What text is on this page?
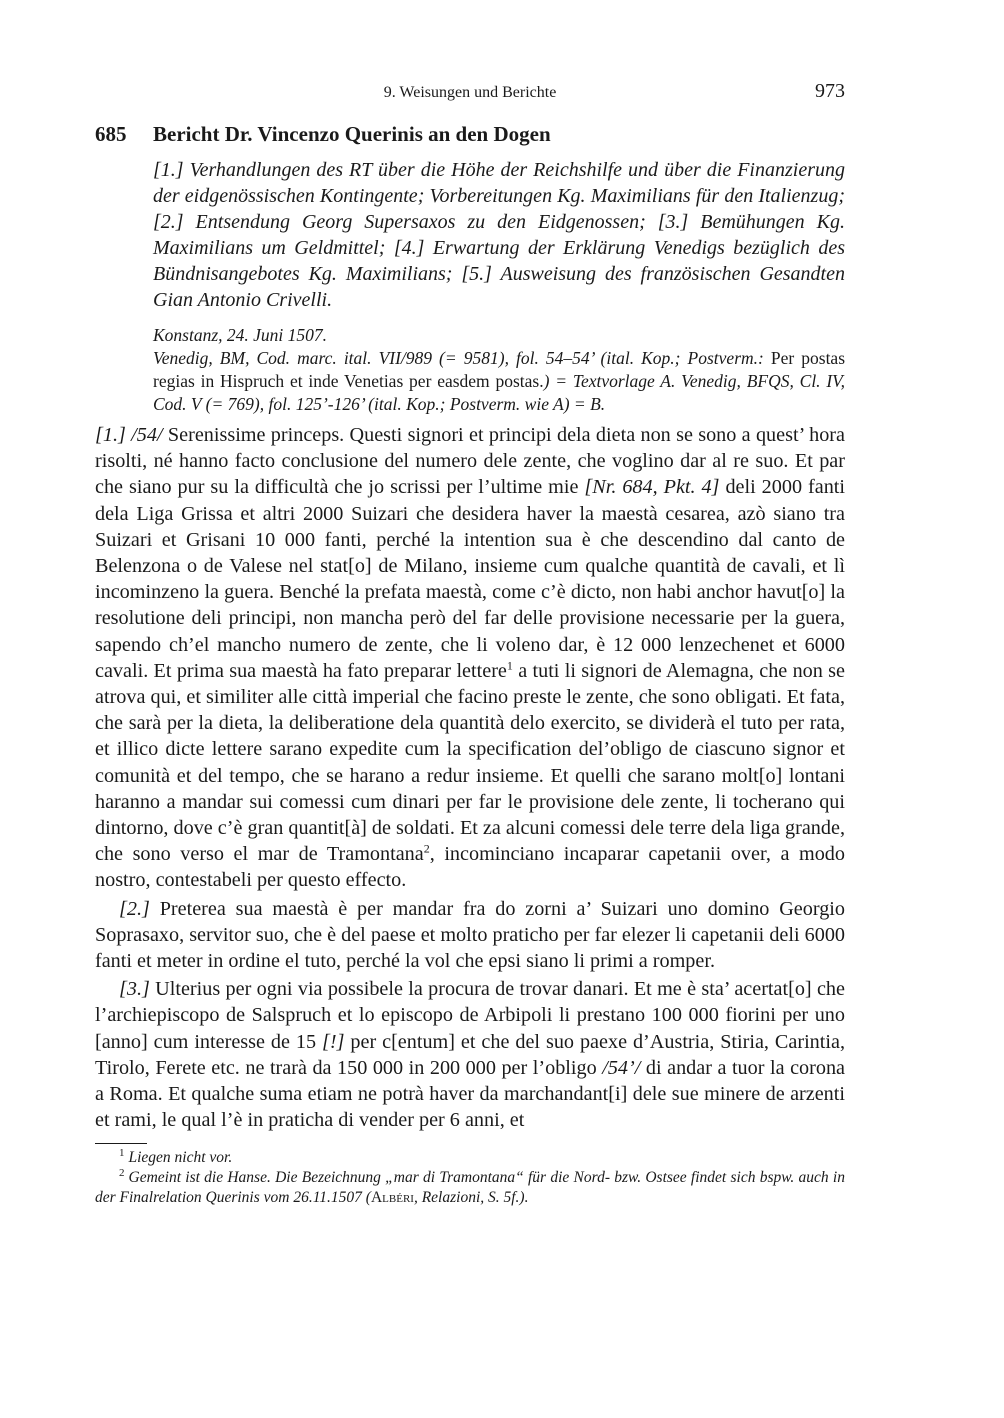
9. Weisungen und Berichte	973
685	Bericht Dr. Vincenzo Querinis an den Dogen
[1.] Verhandlungen des RT über die Höhe der Reichshilfe und über die Finanzierung der eidgenössischen Kontingente; Vorbereitungen Kg. Maximilians für den Italienzug; [2.] Entsendung Georg Supersaxos zu den Eidgenossen; [3.] Bemühungen Kg. Maximilians um Geldmittel; [4.] Erwartung der Erklärung Venedigs bezüglich des Bündnisangebotes Kg. Maximilians; [5.] Ausweisung des französischen Gesandten Gian Antonio Crivelli.
Konstanz, 24. Juni 1507.
Venedig, BM, Cod. marc. ital. VII/989 (= 9581), fol. 54–54’ (ital. Kop.; Postverm.: Per postas regias in Hispruch et inde Venetias per easdem postas.) = Textvorlage A. Venedig, BFQS, Cl. IV, Cod. V (= 769), fol. 125’-126’ (ital. Kop.; Postverm. wie A) = B.

[1.] /54/ Serenissime princeps. Questi signori et principi dela dieta non se sono a quest’ hora risolti, né hanno facto conclusione del numero dele zente, che voglino dar al re suo. Et par che siano pur su la difficultà che jo scrissi per l’ultime mie [Nr. 684, Pkt. 4] deli 2000 fanti dela Liga Grissa et altri 2000 Suizari che desidera haver la maestà cesarea, azò siano tra Suizari et Grisani 10 000 fanti, perché la intention sua è che descendino dal canto de Belenzona o de Valese nel stat[o] de Milano, insieme cum qualche quantità de cavali, et lì incominzeno la guera. Benché la prefata maestà, come c’è dicto, non habi anchor havut[o] la resolutione deli principi, non mancha però del far delle provisione necessarie per la guera, sapendo ch’el mancho numero de zente, che li voleno dar, è 12 000 lenzechenet et 6000 cavali. Et prima sua maestà ha fato preparar lettere$^1$ a tuti li signori de Alemagna, che non se atrova qui, et similiter alle città imperial che facino preste le zente, che sono obligati. Et fata, che sarà per la dieta, la deliberatione dela quantità delo exercito, se dividerà el tuto per rata, et illico dicte lettere sarano expedite cum la specification del’obligo de ciascuno signor et comunità et del tempo, che se harano a redur insieme. Et quelli che sarano molt[o] lontani haranno a mandar sui comessi cum dinari per far le provisione dele zente, li tocherano qui dintorno, dove c’è gran quantit[à] de soldati. Et za alcuni comessi dele terre dela liga grande, che sono verso el mar de Tramontana$^2$, incominciano incaparar capetanii over, a modo nostro, contestabeli per questo effecto.

[2.] Preterea sua maestà è per mandar fra do zorni a’ Suizari uno domino Georgio Soprasaxo, servitor suo, che è del paese et molto praticho per far elezer li capetanii deli 6000 fanti et meter in ordine el tuto, perché la vol che epsi siano li primi a romper.

[3.] Ulterius per ogni via possibele la procura de trovar danari. Et me è sta’ acertat[o] che l’archiepiscopo de Salspruch et lo episcopo de Arbipoli li prestano 100 000 fiorini per uno [anno] cum interesse de 15 [!] per c[entum] et che del suo paexe d’Austria, Stiria, Carintia, Tirolo, Ferete etc. ne trarà da 150 000 in 200 000 per l’obligo /54’/ di andar a tuor la corona a Roma. Et qualche suma etiam ne potrà haver da marchandant[i] dele sue minere de arzenti et rami, le qual l’è in praticha di vender per 6 anni, et

$^1$ Liegen nicht vor.
$^2$ Gemeint ist die Hanse. Die Bezeichnung „mar di Tramontana“ für die Nord- bzw. Ostsee findet sich bspw. auch in der Finalrelation Querinis vom 26.11.1507 (Albéri, Relazioni, S. 5f.).
